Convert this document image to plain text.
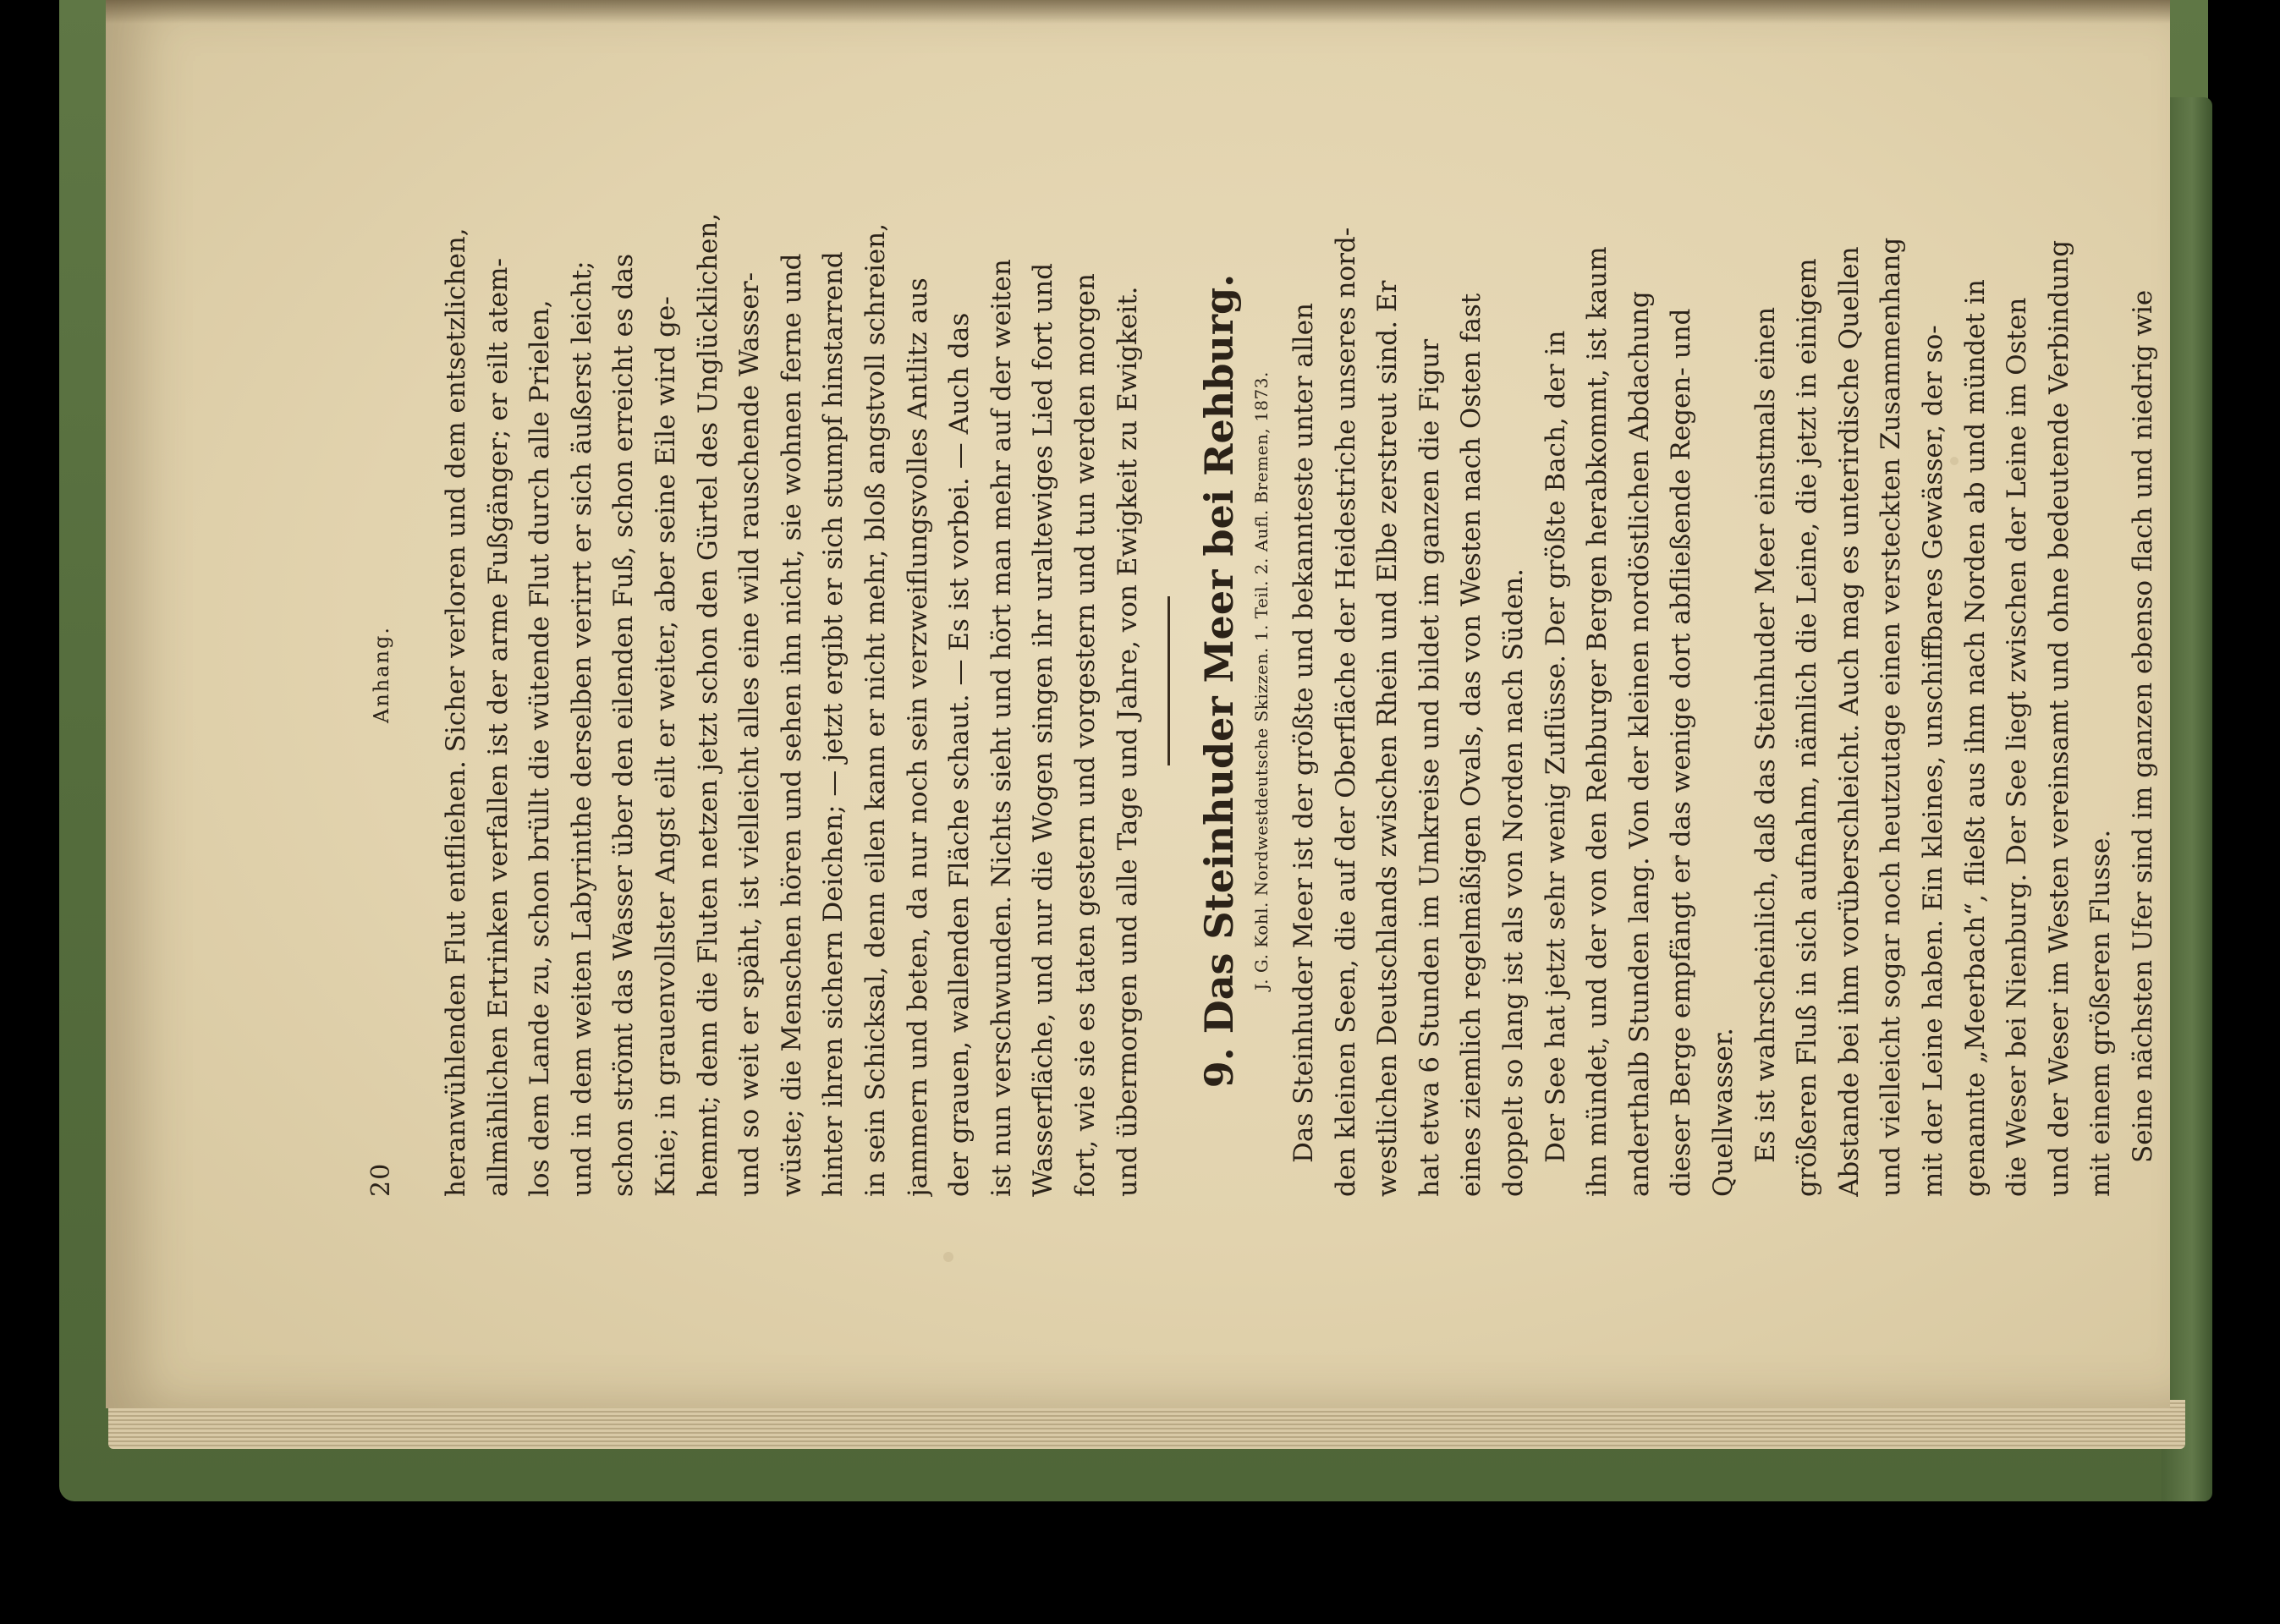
20
Anhang. heranwühlenden Flut entfliehen. Sicher verloren und dem entsetzlichen, allmählichen Ertrinken verfallen ist der arme Fußgänger; er eilt atem- los dem Lande zu, schon brüllt die wütende Flut durch alle Prielen, und in dem weiten Labyrinthe derselben verirrt er sich äußerst leicht; schon strömt das Wasser über den eilenden Fuß, schon erreicht es das Knie; in grauenvollster Angst eilt er weiter, aber seine Eile wird ge- hemmt; denn die Fluten netzen jetzt schon den Gürtel des Unglücklichen, und so weit er späht, ist vielleicht alles eine wild rauschende Wasser- wüste; die Menschen hören und sehen ihn nicht, sie wohnen ferne und hinter ihren sichern Deichen; — jetzt ergibt er sich stumpf hinstarrend in sein Schicksal, denn eilen kann er nicht mehr, bloß angstvoll schreien, jammern und beten, da nur noch sein verzweiflungsvolles Antlitz aus der grauen, wallenden Fläche schaut. — Es ist vorbei. — Auch das ist nun verschwunden. Nichts sieht und hört man mehr auf der weiten Wasserfläche, und nur die Wogen singen ihr uraltewiges Lied fort und fort, wie sie es taten gestern und vorgestern und tun werden morgen und übermorgen und alle Tage und Jahre, von Ewigkeit zu Ewigkeit. 9. Das Steinhuder Meer bei Rehburg. J. G. Kohl. Nordwestdeutsche Skizzen. 1. Teil. 2. Aufl. Bremen, 1873. Das Steinhuder Meer ist der größte und bekannteste unter allen den kleinen Seen, die auf der Oberfläche der Heidestriche unseres nord- westlichen Deutschlands zwischen Rhein und Elbe zerstreut sind. Er hat etwa 6 Stunden im Umkreise und bildet im ganzen die Figur eines ziemlich regelmäßigen Ovals, das von Westen nach Osten fast doppelt so lang ist als von Norden nach Süden. Der See hat jetzt sehr wenig Zuflüsse. Der größte Bach, der in ihn mündet, und der von den Rehburger Bergen herabkommt, ist kaum anderthalb Stunden lang. Von der kleinen nordöstlichen Abdachung dieser Berge empfängt er das wenige dort abfließende Regen- und Quellwasser. Es ist wahrscheinlich, daß das Steinhuder Meer einstmals einen größeren Fluß in sich aufnahm, nämlich die Leine, die jetzt in einigem Abstande bei ihm vorüberschleicht. Auch mag es unterirdische Quellen und vielleicht sogar noch heutzutage einen versteckten Zusammenhang mit der Leine haben. Ein kleines, unschiffbares Gewässer, der so- genannte „Meerbach“, fließt aus ihm nach Norden ab und mündet in die Weser bei Nienburg. Der See liegt zwischen der Leine im Osten und der Weser im Westen vereinsamt und ohne bedeutende Verbindung mit einem größeren Flusse. Seine nächsten Ufer sind im ganzen ebenso flach und niedrig wie
